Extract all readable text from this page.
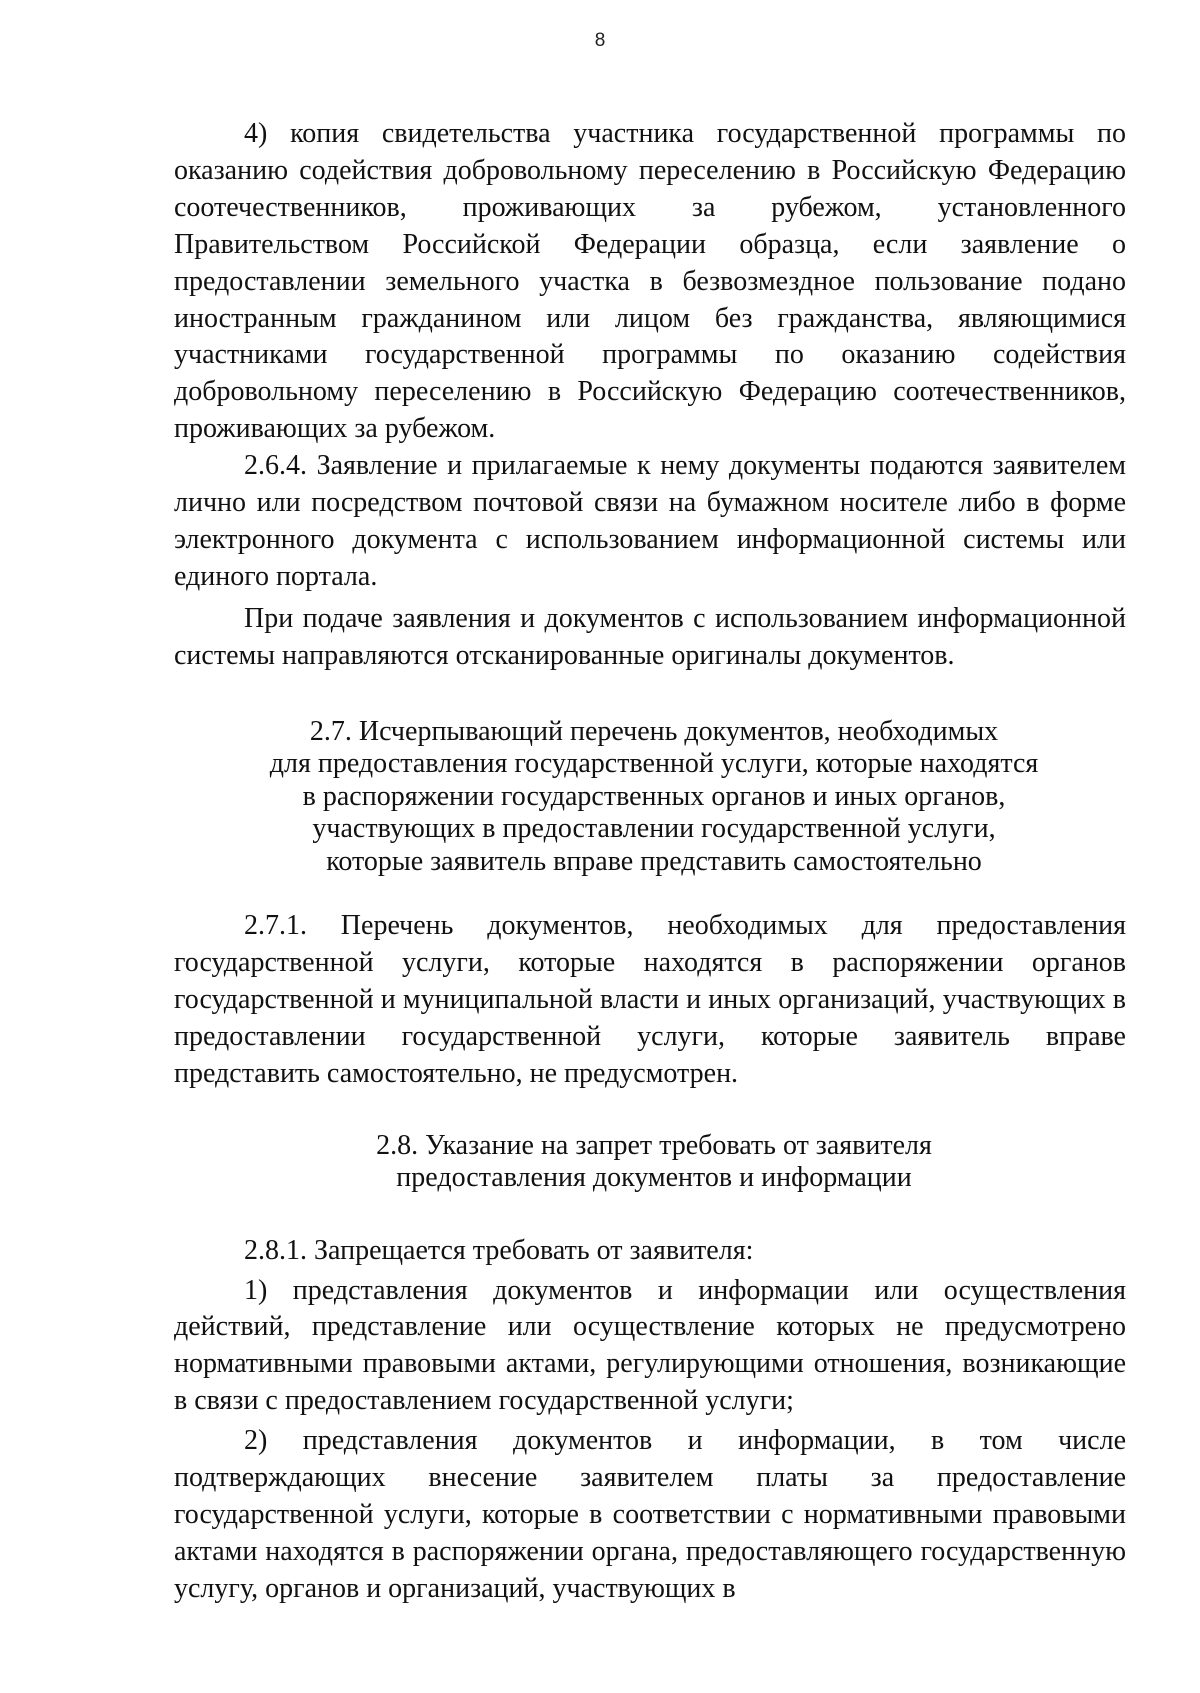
8

4) копия свидетельства участника государственной программы по оказанию содействия добровольному переселению в Российскую Федерацию соотечественников, проживающих за рубежом, установленного Правительством Российской Федерации образца, если заявление о предоставлении земельного участка в безвозмездное пользование подано иностранным гражданином или лицом без гражданства, являющимися участниками государственной программы по оказанию содействия добровольному переселению в Российскую Федерацию соотечественников, проживающих за рубежом.

2.6.4. Заявление и прилагаемые к нему документы подаются заявителем лично или посредством почтовой связи на бумажном носителе либо в форме электронного документа с использованием информационной системы или единого портала.

При подаче заявления и документов с использованием информационной системы направляются отсканированные оригиналы документов.

2.7. Исчерпывающий перечень документов, необходимых
для предоставления государственной услуги, которые находятся
в распоряжении государственных органов и иных органов,
участвующих в предоставлении государственной услуги,
которые заявитель вправе представить самостоятельно

2.7.1. Перечень документов, необходимых для предоставления государственной услуги, которые находятся в распоряжении органов государственной и муниципальной власти и иных организаций, участвующих в предоставлении государственной услуги, которые заявитель вправе представить самостоятельно, не предусмотрен.

2.8. Указание на запрет требовать от заявителя
предоставления документов и информации

2.8.1. Запрещается требовать от заявителя:

1) представления документов и информации или осуществления действий, представление или осуществление которых не предусмотрено нормативными правовыми актами, регулирующими отношения, возникающие в связи с предоставлением государственной услуги;

2) представления документов и информации, в том числе подтверждающих внесение заявителем платы за предоставление государственной услуги, которые в соответствии с нормативными правовыми актами находятся в распоряжении органа, предоставляющего государственную услугу, органов и организаций, участвующих в
